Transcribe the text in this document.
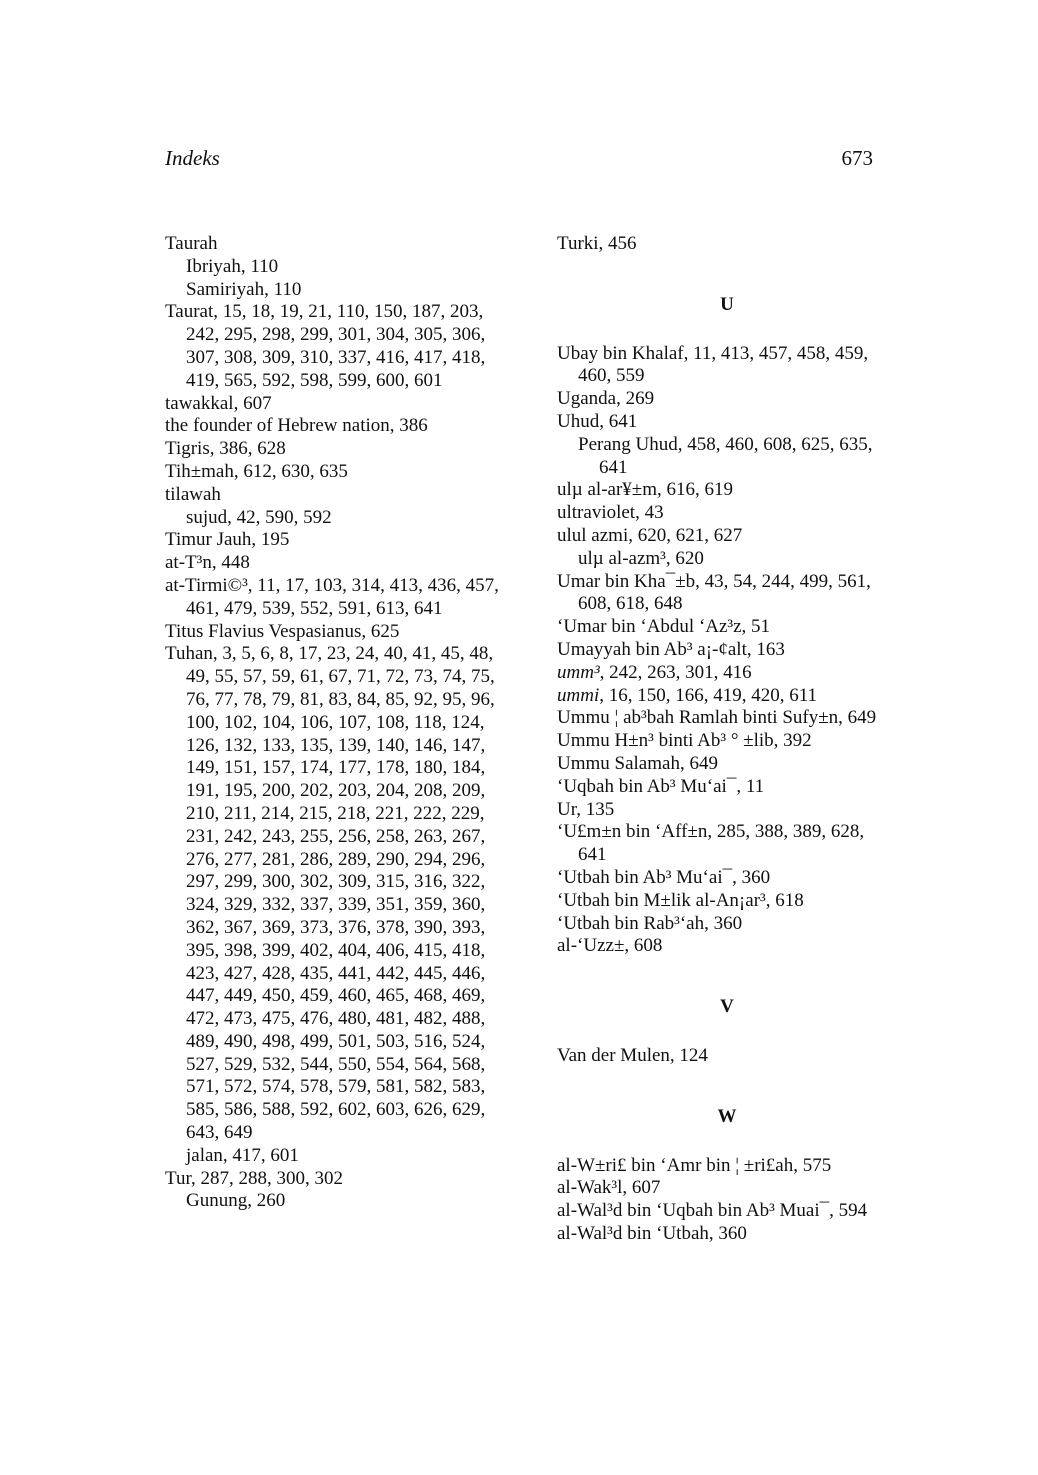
Indeks	673

Taurah

Ibriyah, 110

Samiriyah, 110

Taurat, 15, 18, 19, 21, 110, 150, 187, 203, 242, 295, 298, 299, 301, 304, 305, 306, 307, 308, 309, 310, 337, 416, 417, 418, 419, 565, 592, 598, 599, 600, 601

tawakkal, 607

the founder of Hebrew nation, 386

Tigris, 386, 628

Tih±mah, 612, 630, 635

tilawah

sujud, 42, 590, 592

Timur Jauh, 195

at-T³n, 448

at-Tirmi©³, 11, 17, 103, 314, 413, 436, 457, 461, 479, 539, 552, 591, 613, 641

Titus Flavius Vespasianus, 625

Tuhan, 3, 5, 6, 8, 17, 23, 24, 40, 41, 45, 48, 49, 55, 57, 59, 61, 67, 71, 72, 73, 74, 75, 76, 77, 78, 79, 81, 83, 84, 85, 92, 95, 96, 100, 102, 104, 106, 107, 108, 118, 124, 126, 132, 133, 135, 139, 140, 146, 147, 149, 151, 157, 174, 177, 178, 180, 184, 191, 195, 200, 202, 203, 204, 208, 209, 210, 211, 214, 215, 218, 221, 222, 229, 231, 242, 243, 255, 256, 258, 263, 267, 276, 277, 281, 286, 289, 290, 294, 296, 297, 299, 300, 302, 309, 315, 316, 322, 324, 329, 332, 337, 339, 351, 359, 360, 362, 367, 369, 373, 376, 378, 390, 393, 395, 398, 399, 402, 404, 406, 415, 418, 423, 427, 428, 435, 441, 442, 445, 446, 447, 449, 450, 459, 460, 465, 468, 469, 472, 473, 475, 476, 480, 481, 482, 488, 489, 490, 498, 499, 501, 503, 516, 524, 527, 529, 532, 544, 550, 554, 564, 568, 571, 572, 574, 578, 579, 581, 582, 583, 585, 586, 588, 592, 602, 603, 626, 629, 643, 649

jalan, 417, 601

Tur, 287, 288, 300, 302

Gunung, 260

Turki, 456

U

Ubay bin Khalaf, 11, 413, 457, 458, 459, 460, 559

Uganda, 269

Uhud, 641

Perang Uhud, 458, 460, 608, 625, 635, 641

ulµ al-ar¥±m, 616, 619

ultraviolet, 43

ulul azmi, 620, 621, 627

ulµ al-azm³, 620

Umar bin Kha¯±b, 43, 54, 244, 499, 561, 608, 618, 648

‘Umar bin ‘Abdul ‘Az³z, 51

Umayyah bin Ab³ a¡-¢alt, 163

umm³, 242, 263, 301, 416

ummi, 16, 150, 166, 419, 420, 611

Ummu ¦ ab³bah Ramlah binti Sufy±n, 649

Ummu H±n³ binti Ab³ ° ±lib, 392

Ummu Salamah, 649

‘Uqbah bin Ab³ Mu‘ai¯, 11

Ur, 135

‘U£m±n bin ‘Aff±n, 285, 388, 389, 628, 641

‘Utbah bin Ab³ Mu‘ai¯, 360

‘Utbah bin M±lik al-An¡ar³, 618

‘Utbah bin Rab³‘ah, 360

al-‘Uzz±, 608

V

Van der Mulen, 124

W

al-W±ri£ bin ‘Amr bin ¦ ±ri£ah, 575

al-Wak³l, 607

al-Wal³d bin ‘Uqbah bin Ab³ Muai¯, 594

al-Wal³d bin ‘Utbah, 360
